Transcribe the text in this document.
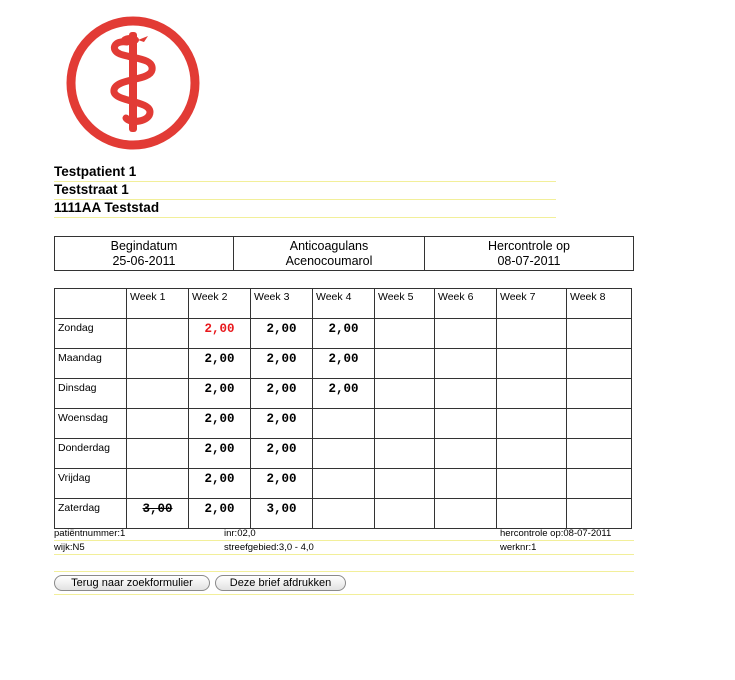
Testpatient 1
Teststraat 1
1111AA Teststad
Begindatum
25-06-2011

Anticoagulans
Acenocoumarol

Hercontrole op
08-07-2011
	Week 1	Week 2	Week 3	Week 4	Week 5	Week 6	Week 7	Week 8
Zondag		2,00	2,00	2,00				
Maandag		2,00	2,00	2,00				
Dinsdag		2,00	2,00	2,00				
Woensdag		2,00	2,00					
Donderdag		2,00	2,00					
Vrijdag		2,00	2,00					
Zaterdag	3,00	2,00	3,00					
patiëntnummer:1	inr:02,0	hercontrole op:08-07-2011
wijk:N5	streefgebied:3,0 - 4,0	werknr:1
Terug naar zoekformulier	Deze brief afdrukken
